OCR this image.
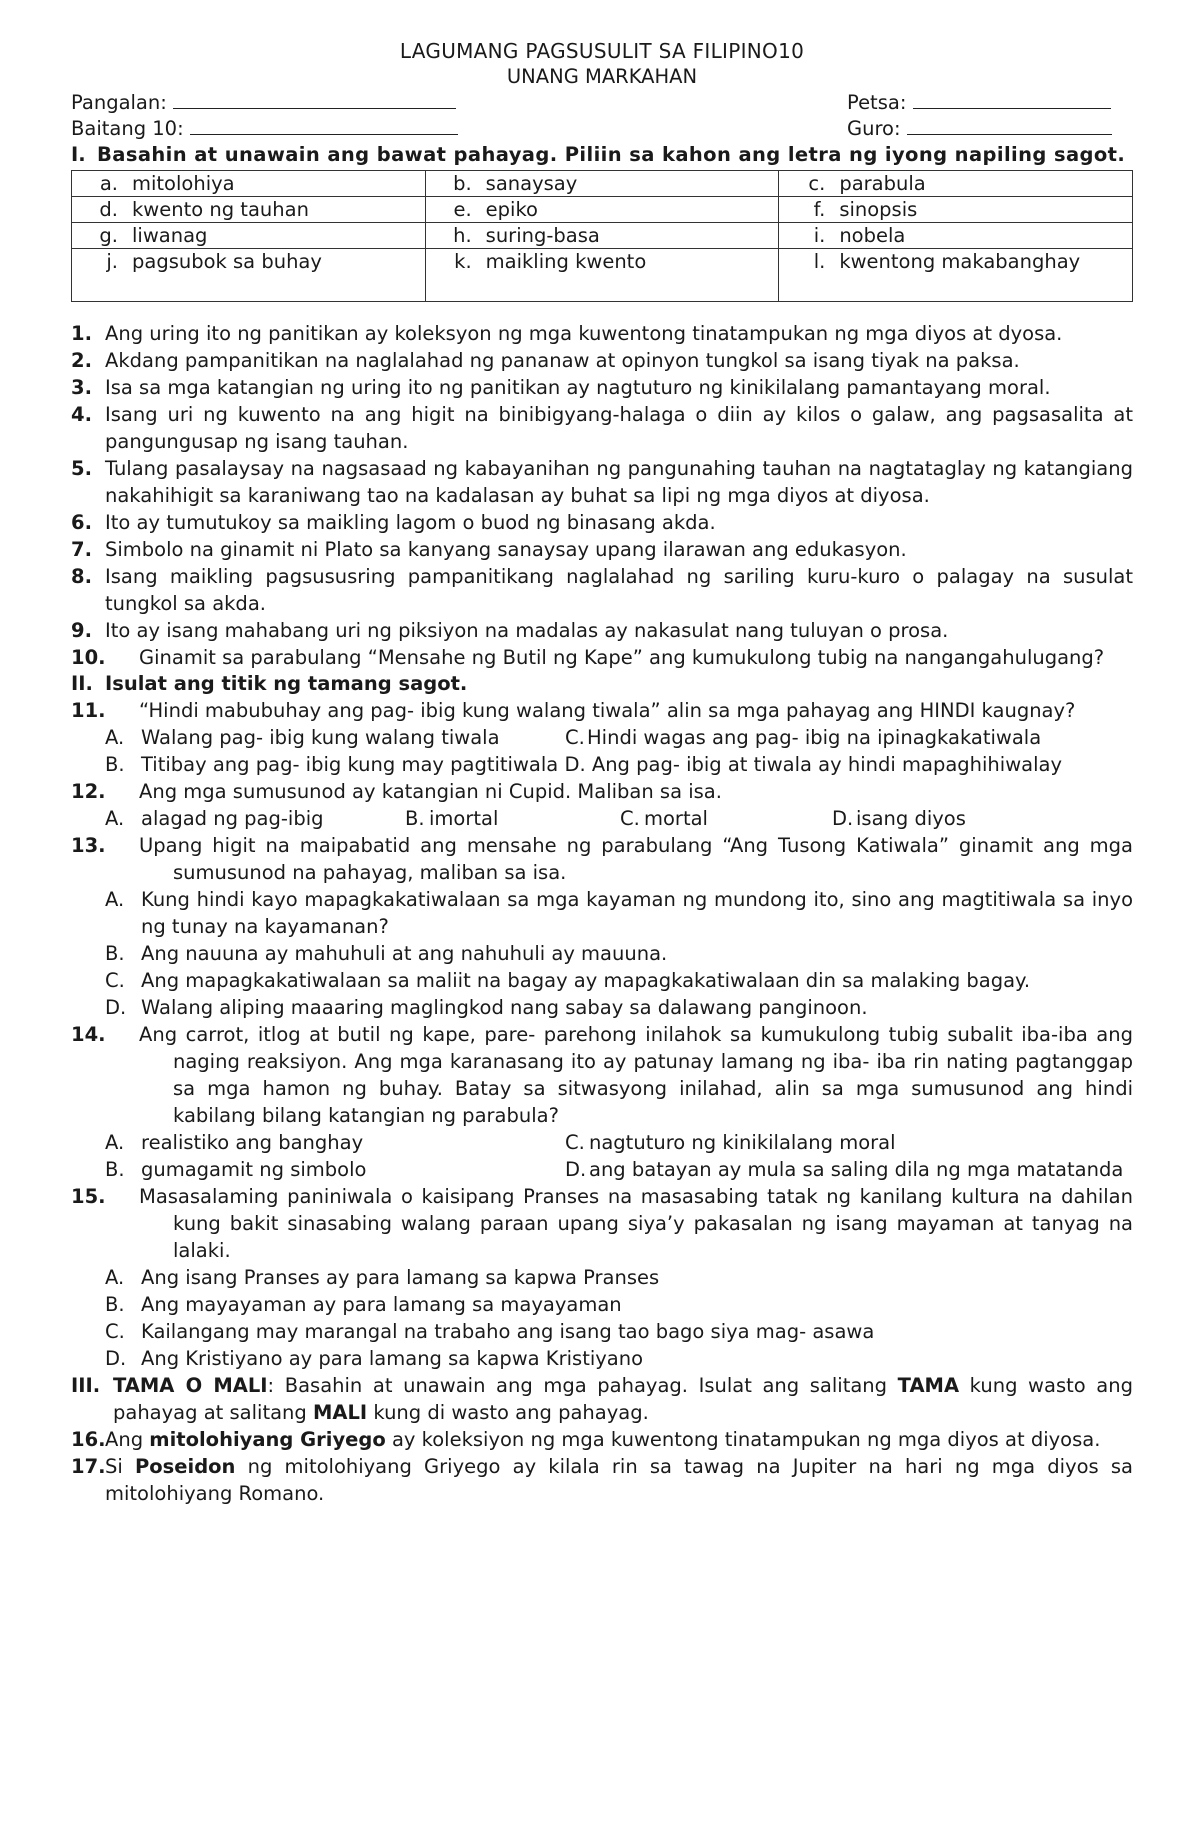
LAGUMANG PAGSUSULIT SA FILIPINO10
UNANG MARKAHAN
Pangalan:	Petsa:
Baitang 10:	Guro:
I. Basahin at unawain ang bawat pahayag. Piliin sa kahon ang letra ng iyong napiling sagot.
a. mitolohiya	b. sanaysay	c. parabula

d. kwento ng tauhan	e. epiko	f. sinopsis

g. liwanag	h. suring-basa	i. nobela

j. pagsubok sa buhay	k. maikling kwento	l. kwentong makabanghay
1. Ang uring ito ng panitikan ay koleksyon ng mga kuwentong tinatampukan ng mga diyos at dyosa.
2. Akdang pampanitikan na naglalahad ng pananaw at opinyon tungkol sa isang tiyak na paksa.
3. Isa sa mga katangian ng uring ito ng panitikan ay nagtuturo ng kinikilalang pamantayang moral.
4. Isang uri ng kuwento na ang higit na binibigyang-halaga o diin ay kilos o galaw, ang pagsasalita at pangungusap ng isang tauhan.
5. Tulang pasalaysay na nagsasaad ng kabayanihan ng pangunahing tauhan na nagtataglay ng katangiang nakahihigit sa karaniwang tao na kadalasan ay buhat sa lipi ng mga diyos at diyosa.
6. Ito ay tumutukoy sa maikling lagom o buod ng binasang akda.
7. Simbolo na ginamit ni Plato sa kanyang sanaysay upang ilarawan ang edukasyon.
8. Isang maikling pagsususring pampanitikang naglalahad ng sariling kuru-kuro o palagay na susulat tungkol sa akda.
9. Ito ay isang mahabang uri ng piksiyon na madalas ay nakasulat nang tuluyan o prosa.
10.	Ginamit sa parabulang “Mensahe ng Butil ng Kape” ang kumukulong tubig na nangangahulugang?
II. Isulat ang titik ng tamang sagot.
11.	“Hindi mabubuhay ang pag- ibig kung walang tiwala” alin sa mga pahayag ang HINDI kaugnay?
A. Walang pag- ibig kung walang tiwala	C. Hindi wagas ang pag- ibig na ipinagkakatiwala
B. Titibay ang pag- ibig kung may pagtitiwala D. Ang pag- ibig at tiwala ay hindi mapaghihiwalay
12.	Ang mga sumusunod ay katangian ni Cupid. Maliban sa isa.
A. alagad ng pag-ibig	B. imortal	C. mortal	D. isang diyos
13.	Upang higit na maipabatid ang mensahe ng parabulang “Ang Tusong Katiwala” ginamit ang mga sumusunod na pahayag, maliban sa isa.
A. Kung hindi kayo mapagkakatiwalaan sa mga kayaman ng mundong ito, sino ang magtitiwala sa inyo ng tunay na kayamanan?
B. Ang nauuna ay mahuhuli at ang nahuhuli ay mauuna.
C. Ang mapagkakatiwalaan sa maliit na bagay ay mapagkakatiwalaan din sa malaking bagay.
D. Walang aliping maaaring maglingkod nang sabay sa dalawang panginoon.
14.	Ang carrot, itlog at butil ng kape, pare- parehong inilahok sa kumukulong tubig subalit iba-iba ang naging reaksiyon. Ang mga karanasang ito ay patunay lamang ng iba- iba rin nating pagtanggap sa mga hamon ng buhay. Batay sa sitwasyong inilahad, alin sa mga sumusunod ang hindi kabilang bilang katangian ng parabula?
A. realistiko ang banghay	C. nagtuturo ng kinikilalang moral
B. gumagamit ng simbolo	D. ang batayan ay mula sa saling dila ng mga matatanda
15.	Masasalaming paniniwala o kaisipang Pranses na masasabing tatak ng kanilang kultura na dahilan kung bakit sinasabing walang paraan upang siya’y pakasalan ng isang mayaman at tanyag na lalaki.
A. Ang isang Pranses ay para lamang sa kapwa Pranses
B. Ang mayayaman ay para lamang sa mayayaman
C. Kailangang may marangal na trabaho ang isang tao bago siya mag- asawa
D. Ang Kristiyano ay para lamang sa kapwa Kristiyano
III. TAMA O MALI: Basahin at unawain ang mga pahayag. Isulat ang salitang TAMA kung wasto ang pahayag at salitang MALI kung di wasto ang pahayag.
16. Ang mitolohiyang Griyego ay koleksiyon ng mga kuwentong tinatampukan ng mga diyos at diyosa.
17. Si Poseidon ng mitolohiyang Griyego ay kilala rin sa tawag na Jupiter na hari ng mga diyos sa mitolohiyang Romano.
